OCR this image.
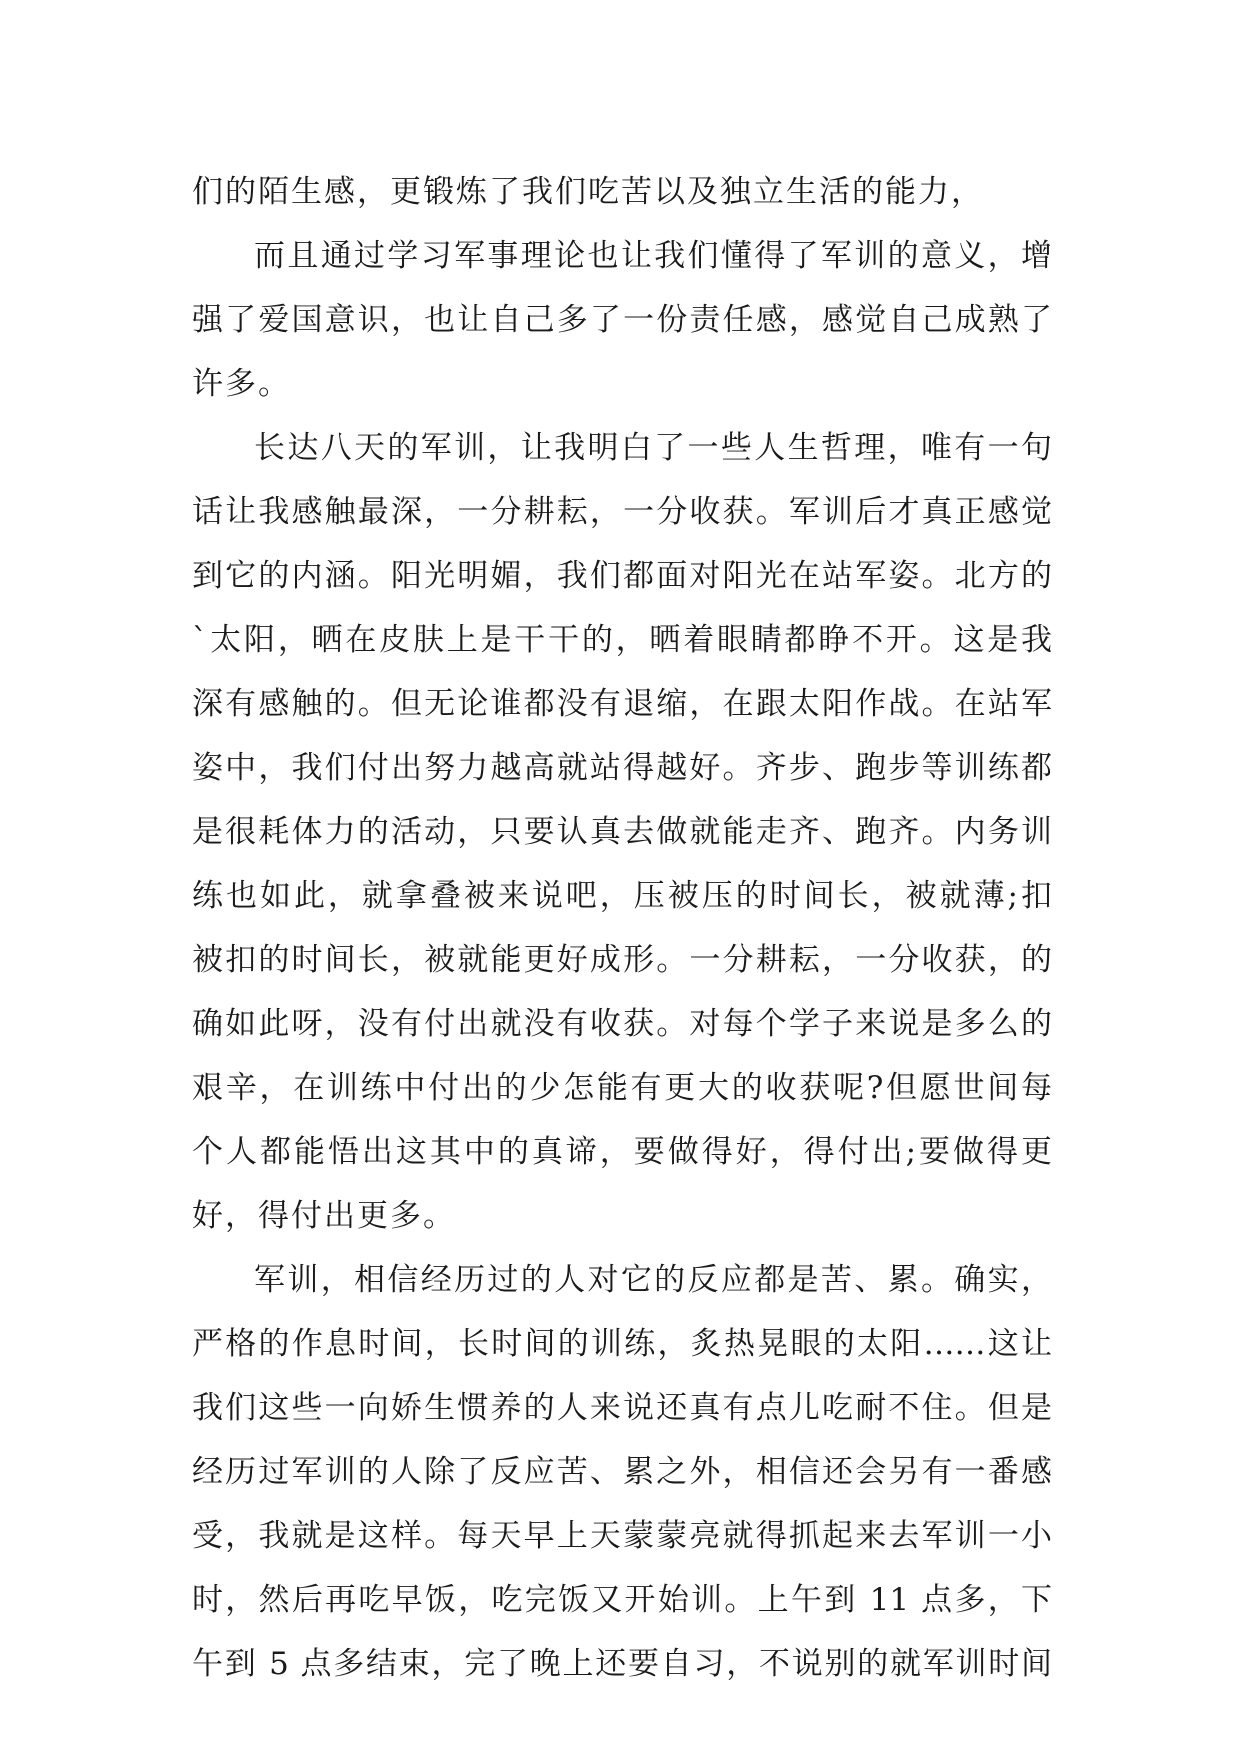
们的陌生感，更锻炼了我们吃苦以及独立生活的能力，
而且通过学习军事理论也让我们懂得了军训的意义，增
强了爱国意识，也让自己多了一份责任感，感觉自己成熟了
许多。
长达八天的军训，让我明白了一些人生哲理，唯有一句
话让我感触最深，一分耕耘，一分收获。军训后才真正感觉
到它的内涵。阳光明媚，我们都面对阳光在站军姿。北方的
`太阳，晒在皮肤上是干干的，晒着眼睛都睁不开。这是我
深有感触的。但无论谁都没有退缩，在跟太阳作战。在站军
姿中，我们付出努力越高就站得越好。齐步、跑步等训练都
是很耗体力的活动，只要认真去做就能走齐、跑齐。内务训
练也如此，就拿叠被来说吧，压被压的时间长，被就薄;扣
被扣的时间长，被就能更好成形。一分耕耘，一分收获，的
确如此呀，没有付出就没有收获。对每个学子来说是多么的
艰辛，在训练中付出的少怎能有更大的收获呢?但愿世间每
个人都能悟出这其中的真谛，要做得好，得付出;要做得更
好，得付出更多。
军训，相信经历过的人对它的反应都是苦、累。确实，
严格的作息时间，长时间的训练，炙热晃眼的太阳……这让
我们这些一向娇生惯养的人来说还真有点儿吃耐不住。但是
经历过军训的人除了反应苦、累之外，相信还会另有一番感
受，我就是这样。每天早上天蒙蒙亮就得抓起来去军训一小
时，然后再吃早饭，吃完饭又开始训。上午到 11 点多，下
午到 5 点多结束，完了晚上还要自习，不说别的就军训时间
